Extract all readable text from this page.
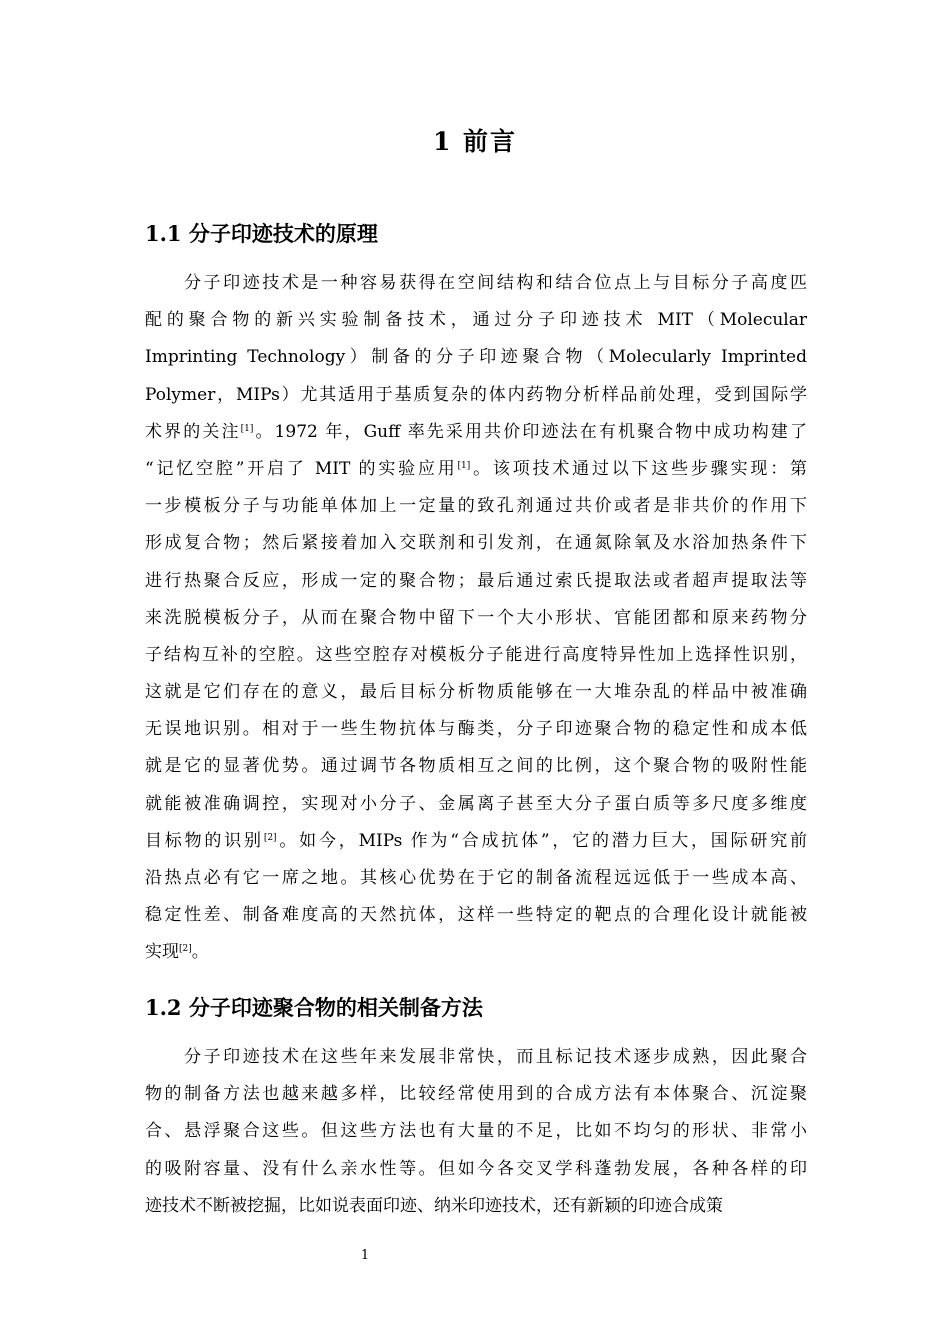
1 前言
1.1 分子印迹技术的原理
　　分子印迹技术是一种容易获得在空间结构和结合位点上与目标分子高度匹
配的聚合物的新兴实验制备技术，通过分子印迹技术 MIT（Molecular
Imprinting Technology）制备的分子印迹聚合物（Molecularly Imprinted
Polymer，MIPs）尤其适用于基质复杂的体内药物分析样品前处理，受到国际学
术界的关注[1]。1972 年，Guff 率先采用共价印迹法在有机聚合物中成功构建了
“记忆空腔”开启了 MIT 的实验应用[1]。该项技术通过以下这些步骤实现：第
一步模板分子与功能单体加上一定量的致孔剂通过共价或者是非共价的作用下
形成复合物；然后紧接着加入交联剂和引发剂，在通氮除氧及水浴加热条件下
进行热聚合反应，形成一定的聚合物；最后通过索氏提取法或者超声提取法等
来洗脱模板分子，从而在聚合物中留下一个大小形状、官能团都和原来药物分
子结构互补的空腔。这些空腔存对模板分子能进行高度特异性加上选择性识别，
这就是它们存在的意义，最后目标分析物质能够在一大堆杂乱的样品中被准确
无误地识别。相对于一些生物抗体与酶类，分子印迹聚合物的稳定性和成本低
就是它的显著优势。通过调节各物质相互之间的比例，这个聚合物的吸附性能
就能被准确调控，实现对小分子、金属离子甚至大分子蛋白质等多尺度多维度
目标物的识别[2]。如今，MIPs 作为“合成抗体”，它的潜力巨大，国际研究前
沿热点必有它一席之地。其核心优势在于它的制备流程远远低于一些成本高、
稳定性差、制备难度高的天然抗体，这样一些特定的靶点的合理化设计就能被
实现[2]。
1.2 分子印迹聚合物的相关制备方法
　　分子印迹技术在这些年来发展非常快，而且标记技术逐步成熟，因此聚合
物的制备方法也越来越多样，比较经常使用到的合成方法有本体聚合、沉淀聚
合、悬浮聚合这些。但这些方法也有大量的不足，比如不均匀的形状、非常小
的吸附容量、没有什么亲水性等。但如今各交叉学科蓬勃发展，各种各样的印
迹技术不断被挖掘，比如说表面印迹、纳米印迹技术，还有新颖的印迹合成策
1
